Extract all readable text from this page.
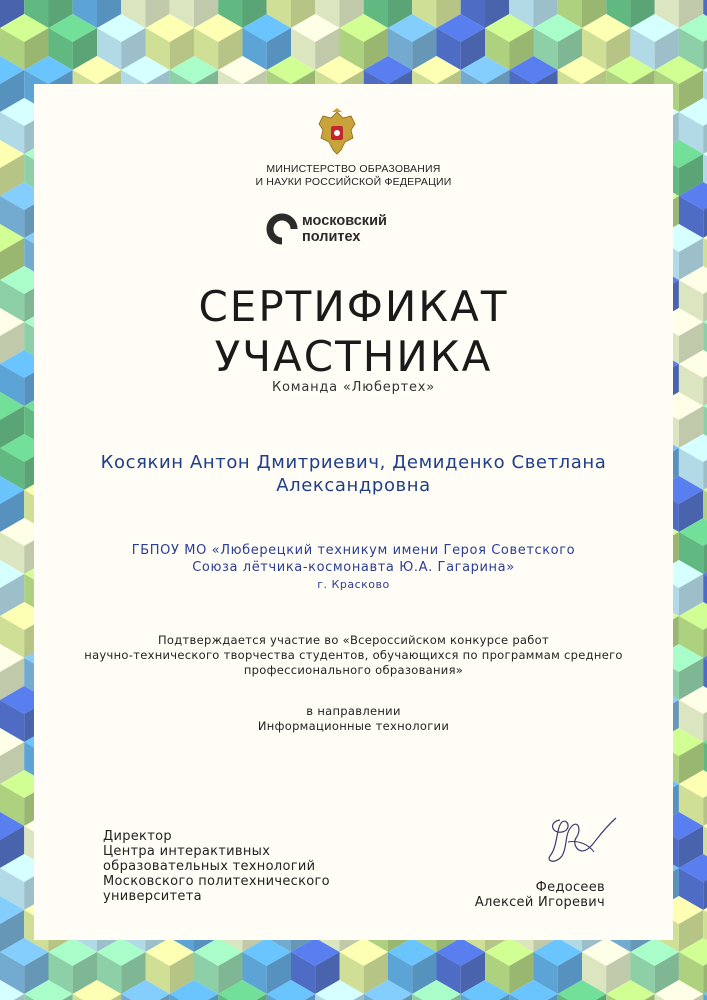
МИНИСТЕРСТВО ОБРАЗОВАНИЯ
И НАУКИ РОССИЙСКОЙ ФЕДЕРАЦИИ
московский
политех
СЕРТИФИКАТ
УЧАСТНИКА
Команда «Любертех»
Косякин Антон Дмитриевич, Демиденко Светлана
Александровна
ГБПОУ МО «Люберецкий техникум имени Героя Советского
Союза лётчика-космонавта Ю.А. Гагарина»
г. Красково
Подтверждается участие во «Всероссийском конкурсе работ
научно-технического творчества студентов, обучающихся по программам среднего
профессионального образования»
в направлении
Информационные технологии
Директор
Центра интерактивных
образовательных технологий
Московского политехнического
университета
Федосеев
Алексей Игоревич
